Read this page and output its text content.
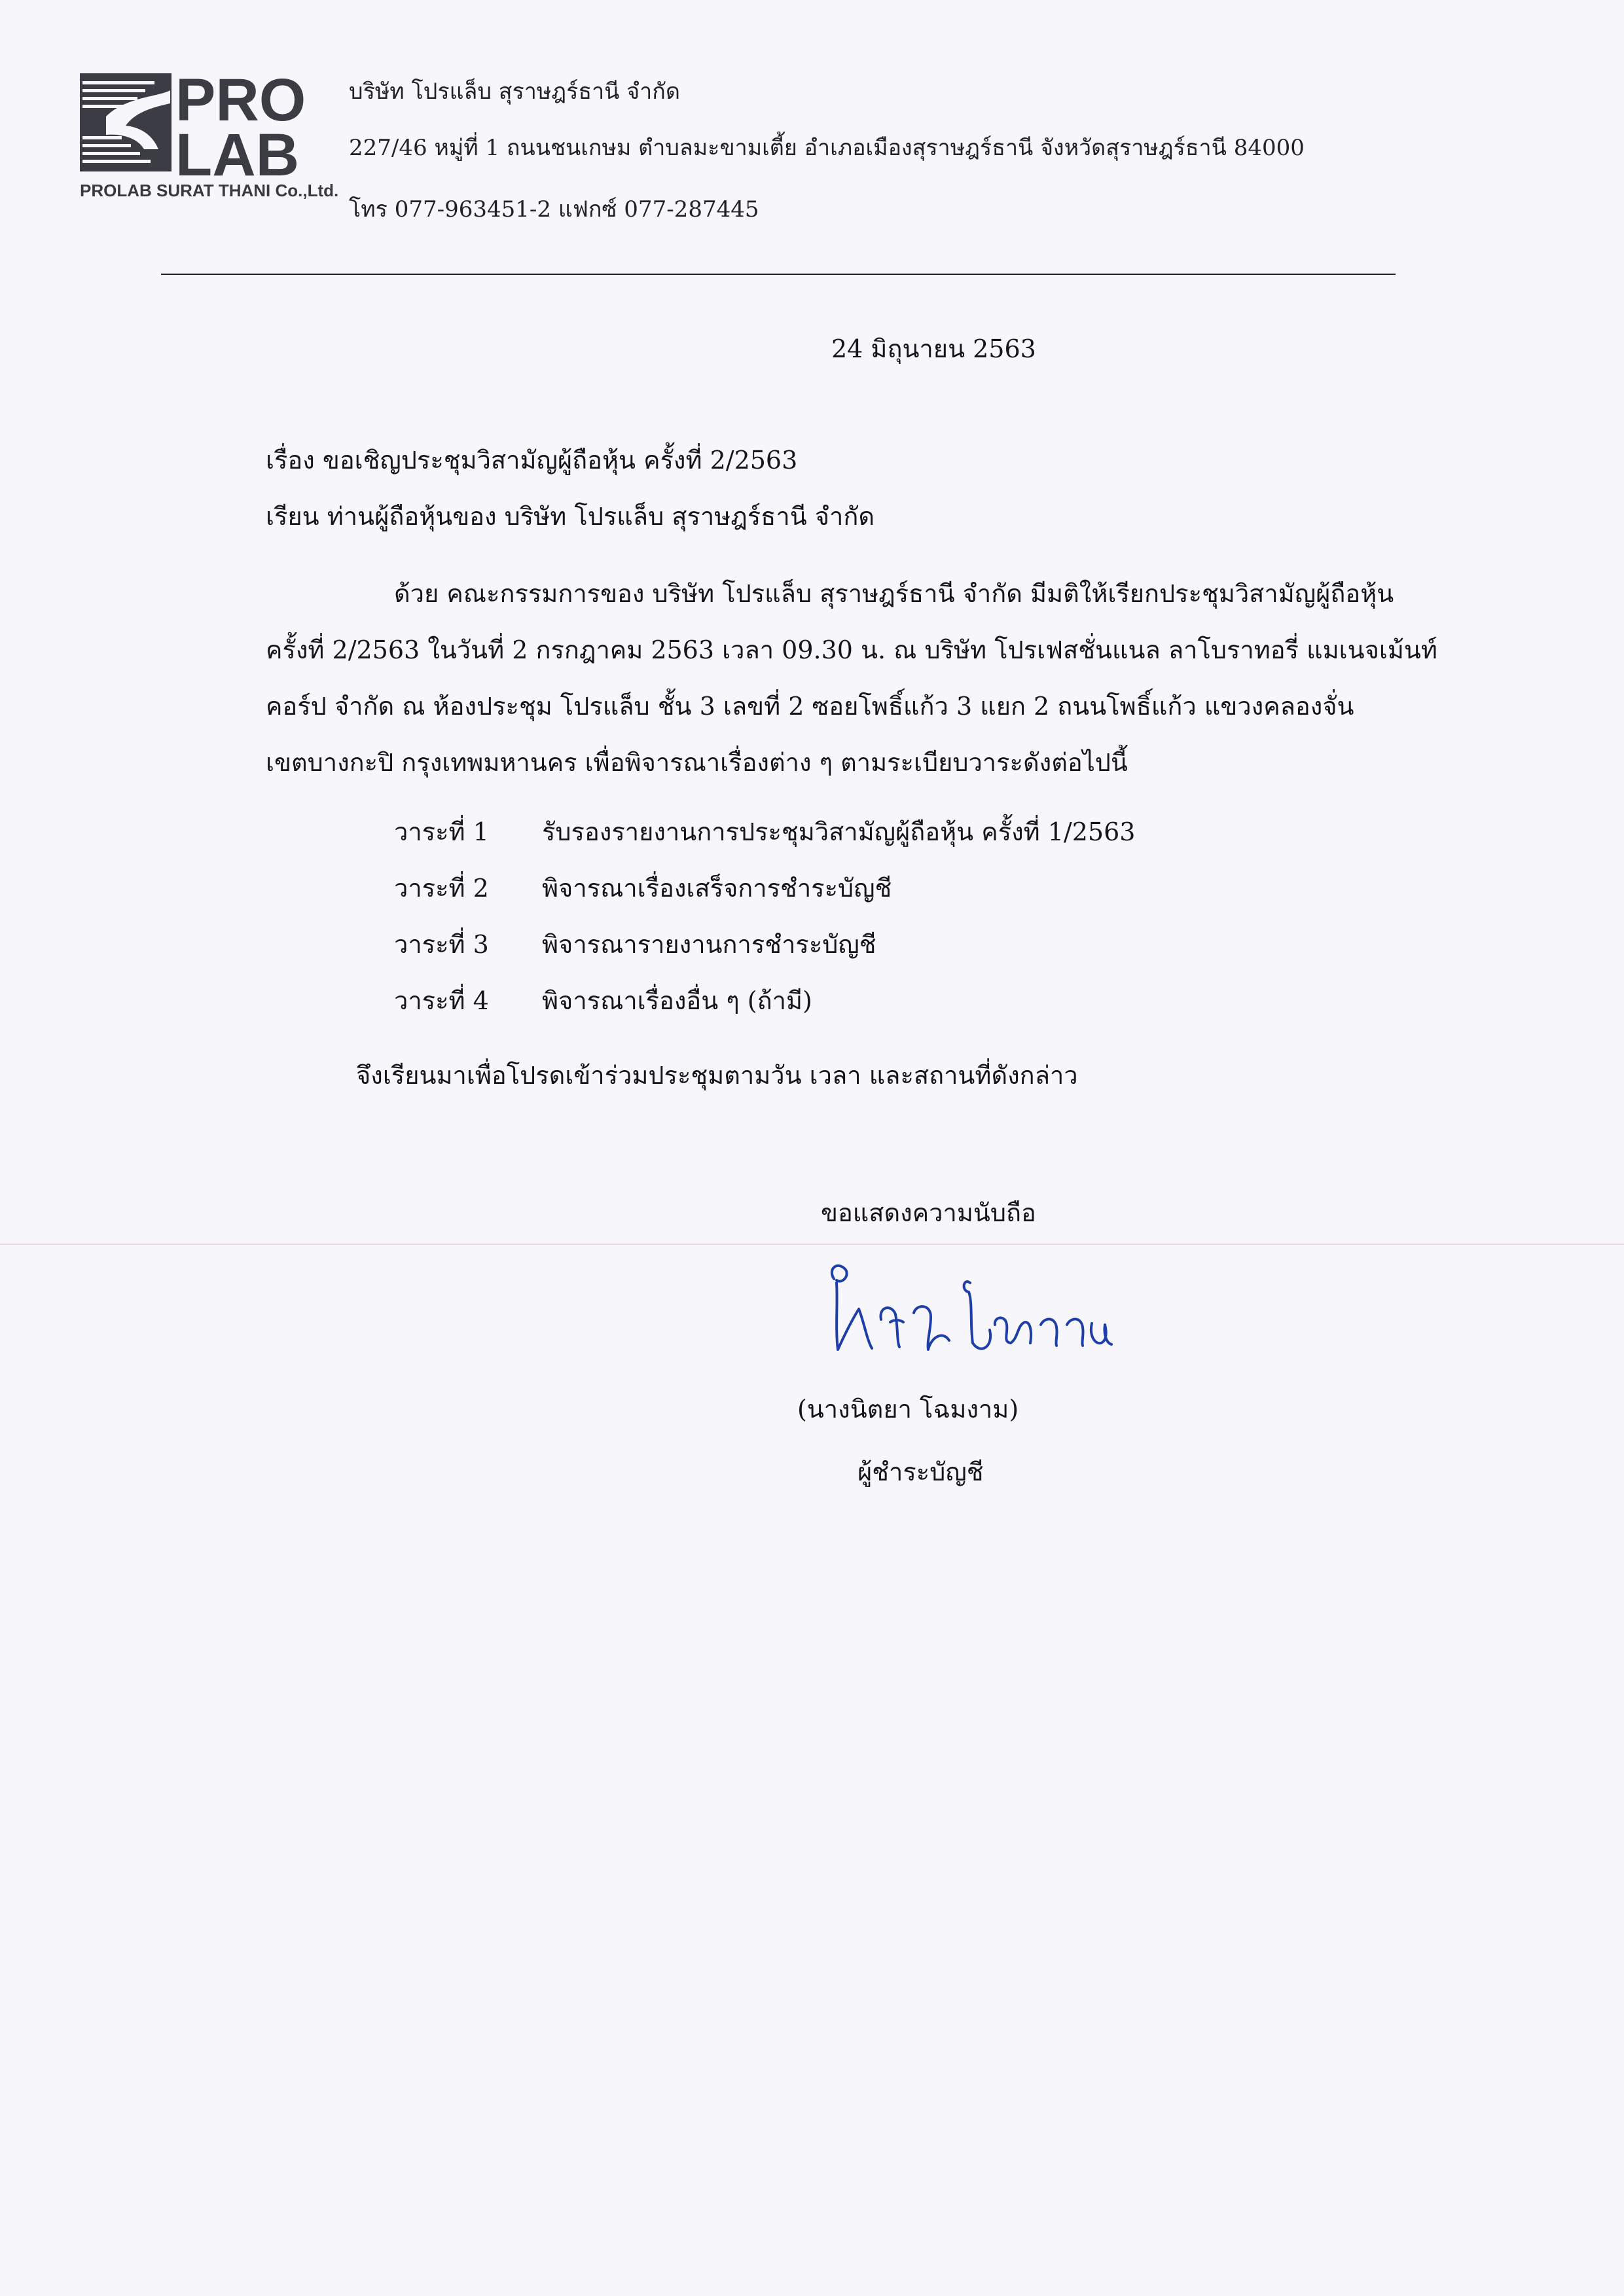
PRO
LAB
PROLAB SURAT THANI Co.,Ltd.
บริษัท โปรแล็บ สุราษฎร์ธานี จำกัด
227/46 หมู่ที่ 1 ถนนชนเกษม ตำบลมะขามเตี้ย อำเภอเมืองสุราษฎร์ธานี จังหวัดสุราษฎร์ธานี 84000
โทร 077-963451-2 แฟกซ์ 077-287445
24 มิถุนายน 2563
เรื่อง ขอเชิญประชุมวิสามัญผู้ถือหุ้น ครั้งที่ 2/2563
เรียน ท่านผู้ถือหุ้นของ บริษัท โปรแล็บ สุราษฎร์ธานี จำกัด
ด้วย คณะกรรมการของ บริษัท โปรแล็บ สุราษฎร์ธานี จำกัด มีมติให้เรียกประชุมวิสามัญผู้ถือหุ้น
ครั้งที่ 2/2563 ในวันที่ 2 กรกฎาคม 2563 เวลา 09.30 น. ณ บริษัท โปรเฟสชั่นแนล ลาโบราทอรี่ แมเนจเม้นท์
คอร์ป จำกัด ณ ห้องประชุม โปรแล็บ ชั้น 3 เลขที่ 2 ซอยโพธิ์แก้ว 3 แยก 2 ถนนโพธิ์แก้ว แขวงคลองจั่น
เขตบางกะปิ กรุงเทพมหานคร เพื่อพิจารณาเรื่องต่าง ๆ ตามระเบียบวาระดังต่อไปนี้
วาระที่ 1 รับรองรายงานการประชุมวิสามัญผู้ถือหุ้น ครั้งที่ 1/2563
วาระที่ 2 พิจารณาเรื่องเสร็จการชำระบัญชี
วาระที่ 3 พิจารณารายงานการชำระบัญชี
วาระที่ 4 พิจารณาเรื่องอื่น ๆ (ถ้ามี)
จึงเรียนมาเพื่อโปรดเข้าร่วมประชุมตามวัน เวลา และสถานที่ดังกล่าว
ขอแสดงความนับถือ
(นางนิตยา โฉมงาม)
ผู้ชำระบัญชี
